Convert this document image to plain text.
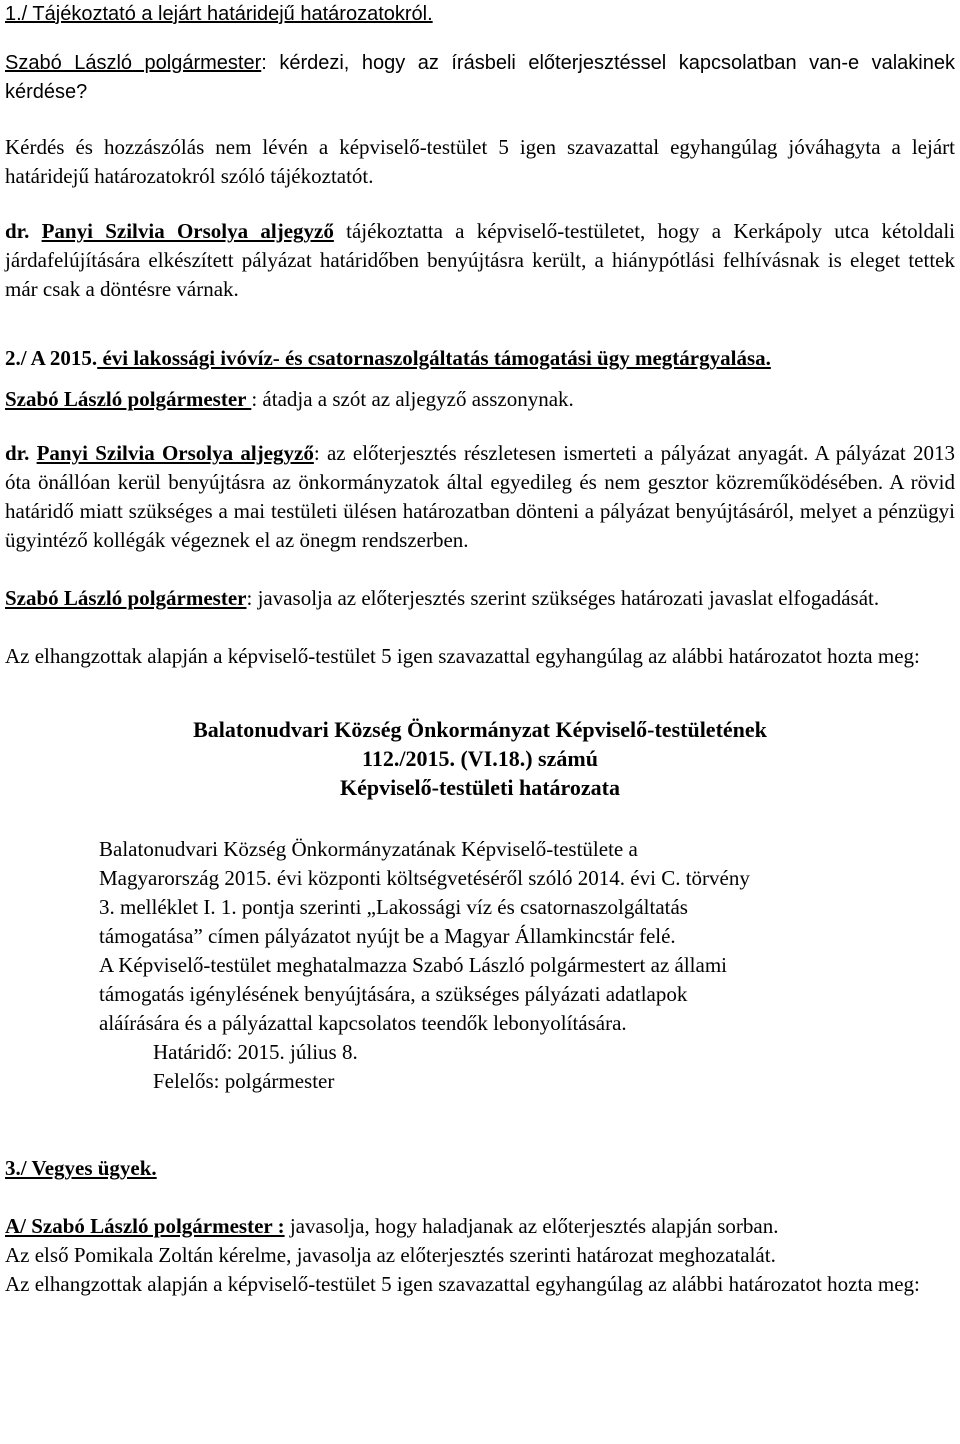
1./ Tájékoztató a lejárt határidejű határozatokról.

Szabó László polgármester: kérdezi, hogy az írásbeli előterjesztéssel kapcsolatban van-e valakinek kérdése?

Kérdés és hozzászólás nem lévén a képviselő-testület 5 igen szavazattal egyhangúlag jóváhagyta a lejárt határidejű határozatokról szóló tájékoztatót.

dr. Panyi Szilvia Orsolya aljegyző tájékoztatta a képviselő-testületet, hogy a Kerkápoly utca kétoldali járdafelújítására elkészített pályázat határidőben benyújtásra került, a hiánypótlási felhívásnak is eleget tettek már csak a döntésre várnak.

2./ A 2015. évi lakossági ivóvíz- és csatornaszolgáltatás támogatási ügy megtárgyalása.

Szabó László polgármester : átadja a szót az aljegyző asszonynak.

dr. Panyi Szilvia Orsolya aljegyző: az előterjesztés részletesen ismerteti a pályázat anyagát. A pályázat 2013 óta önállóan kerül benyújtásra az önkormányzatok által egyedileg és nem gesztor közreműködésében. A rövid határidő miatt szükséges a mai testületi ülésen határozatban dönteni a pályázat benyújtásáról, melyet a pénzügyi ügyintéző kollégák végeznek el az önegm rendszerben.

Szabó László polgármester: javasolja az előterjesztés szerint szükséges határozati javaslat elfogadását.

Az elhangzottak alapján a képviselő-testület 5 igen szavazattal egyhangúlag az alábbi határozatot hozta meg:

Balatonudvari Község Önkormányzat Képviselő-testületének

112./2015. (VI.18.) számú

Képviselő-testületi határozata

Balatonudvari Község Önkormányzatának Képviselő-testülete a

Magyarország 2015. évi központi költségvetéséről szóló 2014. évi C. törvény

3. melléklet I. 1. pontja szerinti „Lakossági víz és csatornaszolgáltatás

támogatása” címen pályázatot nyújt be a Magyar Államkincstár felé.

A Képviselő-testület meghatalmazza Szabó László polgármestert az állami

támogatás igénylésének benyújtására, a szükséges pályázati adatlapok

aláírására és a pályázattal kapcsolatos teendők lebonyolítására.

Határidő: 2015. július 8.

Felelős: polgármester

3./ Vegyes ügyek.

A/ Szabó László polgármester : javasolja, hogy haladjanak az előterjesztés alapján sorban.

Az első Pomikala Zoltán kérelme, javasolja az előterjesztés szerinti határozat meghozatalát.

Az elhangzottak alapján a képviselő-testület 5 igen szavazattal egyhangúlag az alábbi határozatot hozta meg:
